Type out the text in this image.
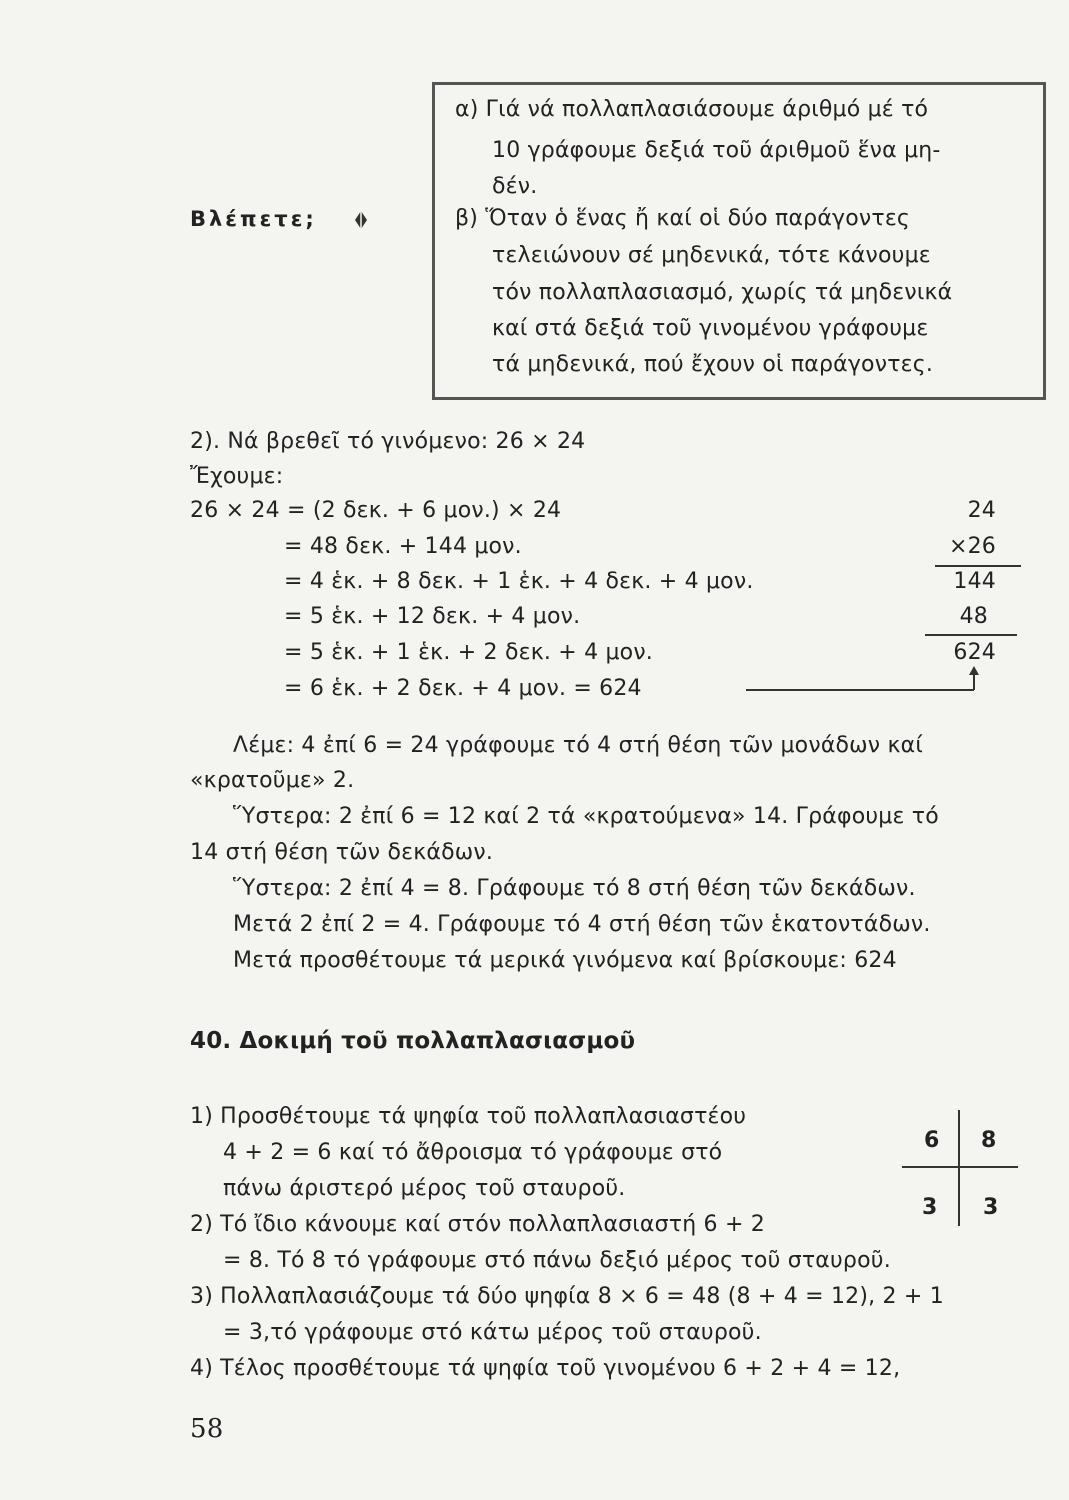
α) Γιά νά πολλαπλασιάσουμε άριθμό μέ τό
10 γράφουμε δεξιά τοῦ άριθμοῦ ἕνα μη-
δέν.
β) Ὅταν ὁ ἕνας ἤ καί οἱ δύο παράγοντες
τελειώνουν σέ μηδενικά, τότε κάνουμε
τόν πολλαπλασιασμό, χωρίς τά μηδενικά
καί στά δεξιά τοῦ γινομένου γράφουμε
τά μηδενικά, πού ἔχουν οἱ παράγοντες.
Βλέπετε;
2). Νά βρεθεῖ τό γινόμενο: 26 × 24
Ἔχουμε:
26 × 24 = (2 δεκ. + 6 μον.) × 24
= 48 δεκ. + 144 μον.
= 4 ἑκ. + 8 δεκ. + 1 ἑκ. + 4 δεκ. + 4 μον.
= 5 ἑκ. + 12 δεκ. + 4 μον.
= 5 ἑκ. + 1 ἑκ. + 2 δεκ. + 4 μον.
= 6 ἑκ. + 2 δεκ. + 4 μον. = 624
24
×26
144
48
624
Λέμε: 4 ἐπί 6 = 24 γράφουμε τό 4 στή θέση τῶν μονάδων καί
«κρατοῦμε» 2.
Ὕστερα: 2 ἐπί 6 = 12 καί 2 τά «κρατούμενα» 14. Γράφουμε τό
14 στή θέση τῶν δεκάδων.
Ὕστερα: 2 ἐπί 4 = 8. Γράφουμε τό 8 στή θέση τῶν δεκάδων.
Μετά 2 ἐπί 2 = 4. Γράφουμε τό 4 στή θέση τῶν ἑκατοντάδων.
Μετά προσθέτουμε τά μερικά γινόμενα καί βρίσκουμε: 624
40. Δοκιμή τοῦ πολλαπλασιασμοῦ
1) Προσθέτουμε τά ψηφία τοῦ πολλαπλασιαστέου
4 + 2 = 6 καί τό ἄθροισμα τό γράφουμε στό
πάνω άριστερό μέρος τοῦ σταυροῦ.
2) Τό ἴδιο κάνουμε καί στόν πολλαπλασιαστή 6 + 2
= 8. Τό 8 τό γράφουμε στό πάνω δεξιό μέρος τοῦ σταυροῦ.
3) Πολλαπλασιάζουμε τά δύο ψηφία 8 × 6 = 48 (8 + 4 = 12), 2 + 1
= 3,τό γράφουμε στό κάτω μέρος τοῦ σταυροῦ.
4) Τέλος προσθέτουμε τά ψηφία τοῦ γινομένου 6 + 2 + 4 = 12,
6 8
3 3
58
